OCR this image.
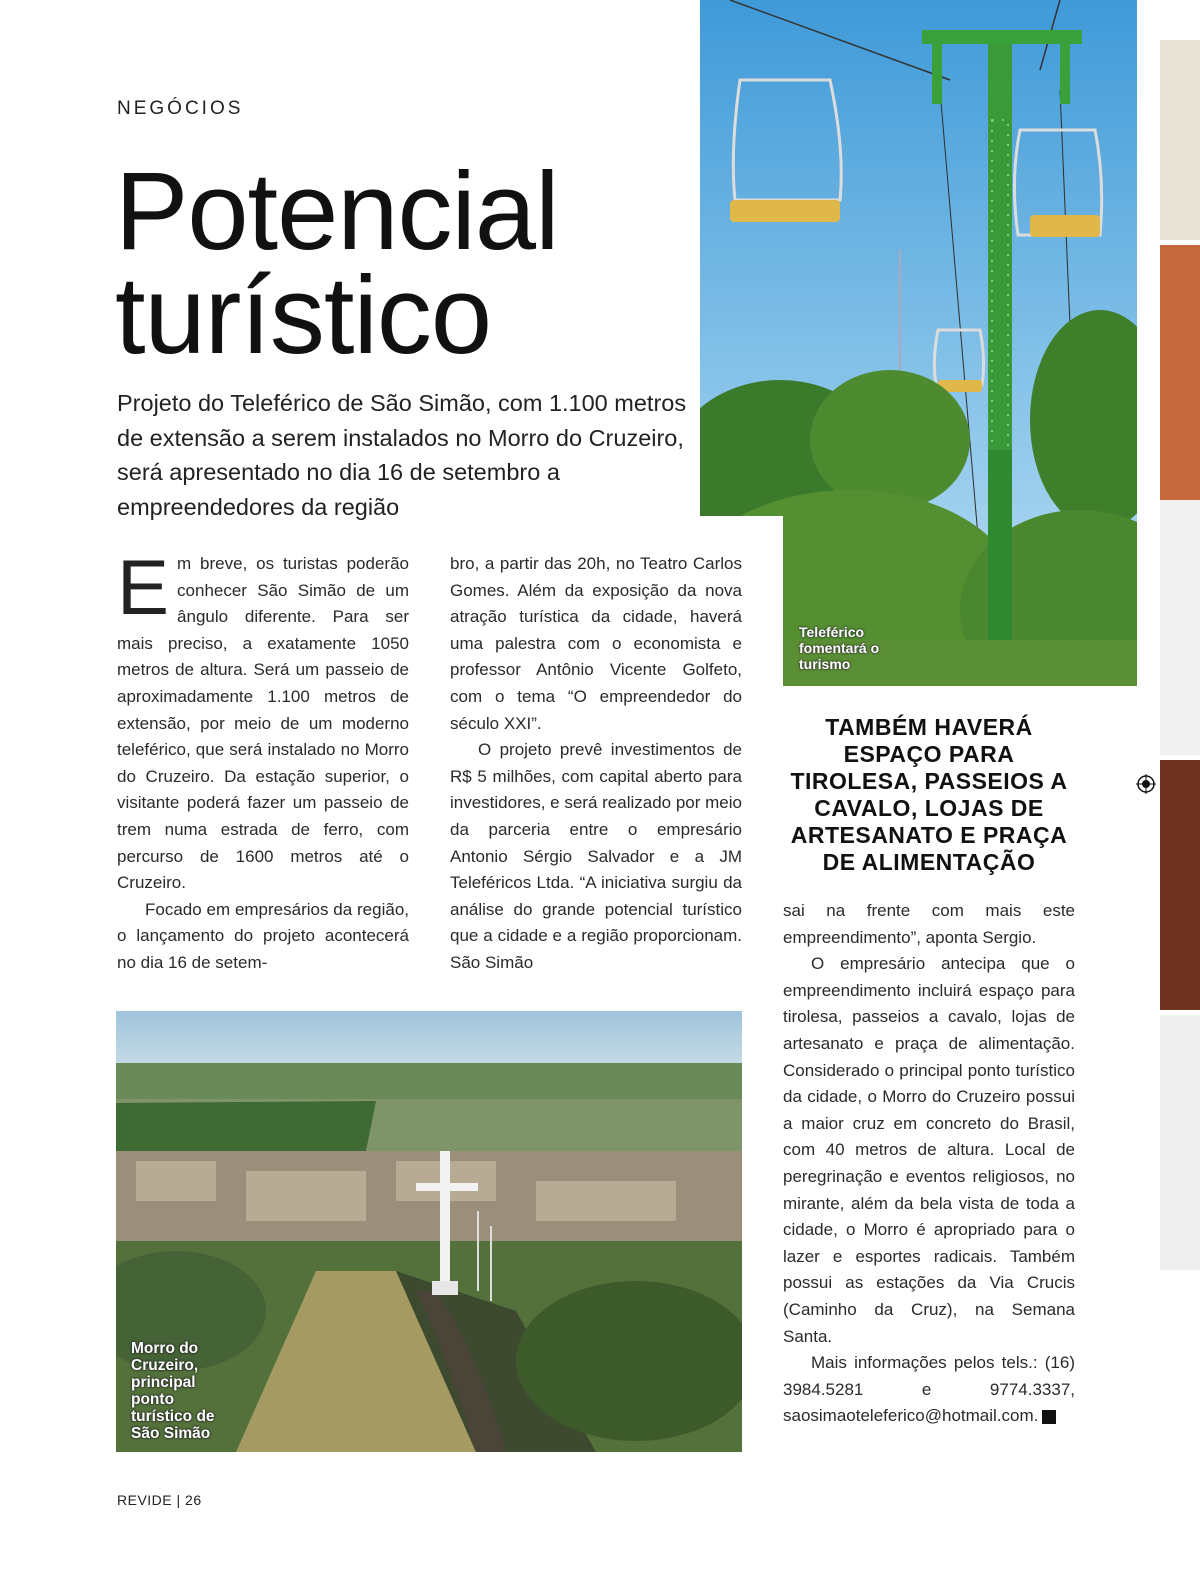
NEGÓCIOS
Potencial
turístico
Projeto do Teleférico de São Simão, com 1.100 metros de extensão a serem instalados no Morro do Cruzeiro, será apresentado no dia 16 de setembro a empreendedores da região
Teleférico fomentará o turismo

Em breve, os turistas poderão conhecer São Simão de um ângulo diferente. Para ser mais preciso, a exatamente 1050 metros de altura. Será um passeio de aproximadamente 1.100 metros de extensão, por meio de um moderno teleférico, que será instalado no Morro do Cruzeiro. Da estação superior, o visitante poderá fazer um passeio de trem numa estrada de ferro, com percurso de 1600 metros até o Cruzeiro.

Focado em empresários da região, o lançamento do projeto acontecerá no dia 16 de setem-

bro, a partir das 20h, no Teatro Carlos Gomes. Além da exposição da nova atração turística da cidade, haverá uma palestra com o economista e professor Antônio Vicente Golfeto, com o tema “O empreendedor do século XXI”.

O projeto prevê investimentos de R$ 5 milhões, com capital aberto para investidores, e será realizado por meio da parceria entre o empresário Antonio Sérgio Salvador e a JM Teleféricos Ltda. “A iniciativa surgiu da análise do grande potencial turístico que a cidade e a região proporcionam. São Simão

TAMBÉM HAVERÁ ESPAÇO PARA TIROLESA, PASSEIOS A CAVALO, LOJAS DE ARTESANATO E PRAÇA DE ALIMENTAÇÃO

sai na frente com mais este empreendimento”, aponta Sergio.

O empresário antecipa que o empreendimento incluirá espaço para tirolesa, passeios a cavalo, lojas de artesanato e praça de alimentação. Considerado o principal ponto turístico da cidade, o Morro do Cruzeiro possui a maior cruz em concreto do Brasil, com 40 metros de altura. Local de peregrinação e eventos religiosos, no mirante, além da bela vista de toda a cidade, o Morro é apropriado para o lazer e esportes radicais. Também possui as estações da Via Crucis (Caminho da Cruz), na Semana Santa.

Mais informações pelos tels.: (16) 3984.5281 e 9774.3337, saosimaoteleferico@hotmail.com.	r

Morro do Cruzeiro, principal ponto turístico de São Simão
REVIDE | 26
